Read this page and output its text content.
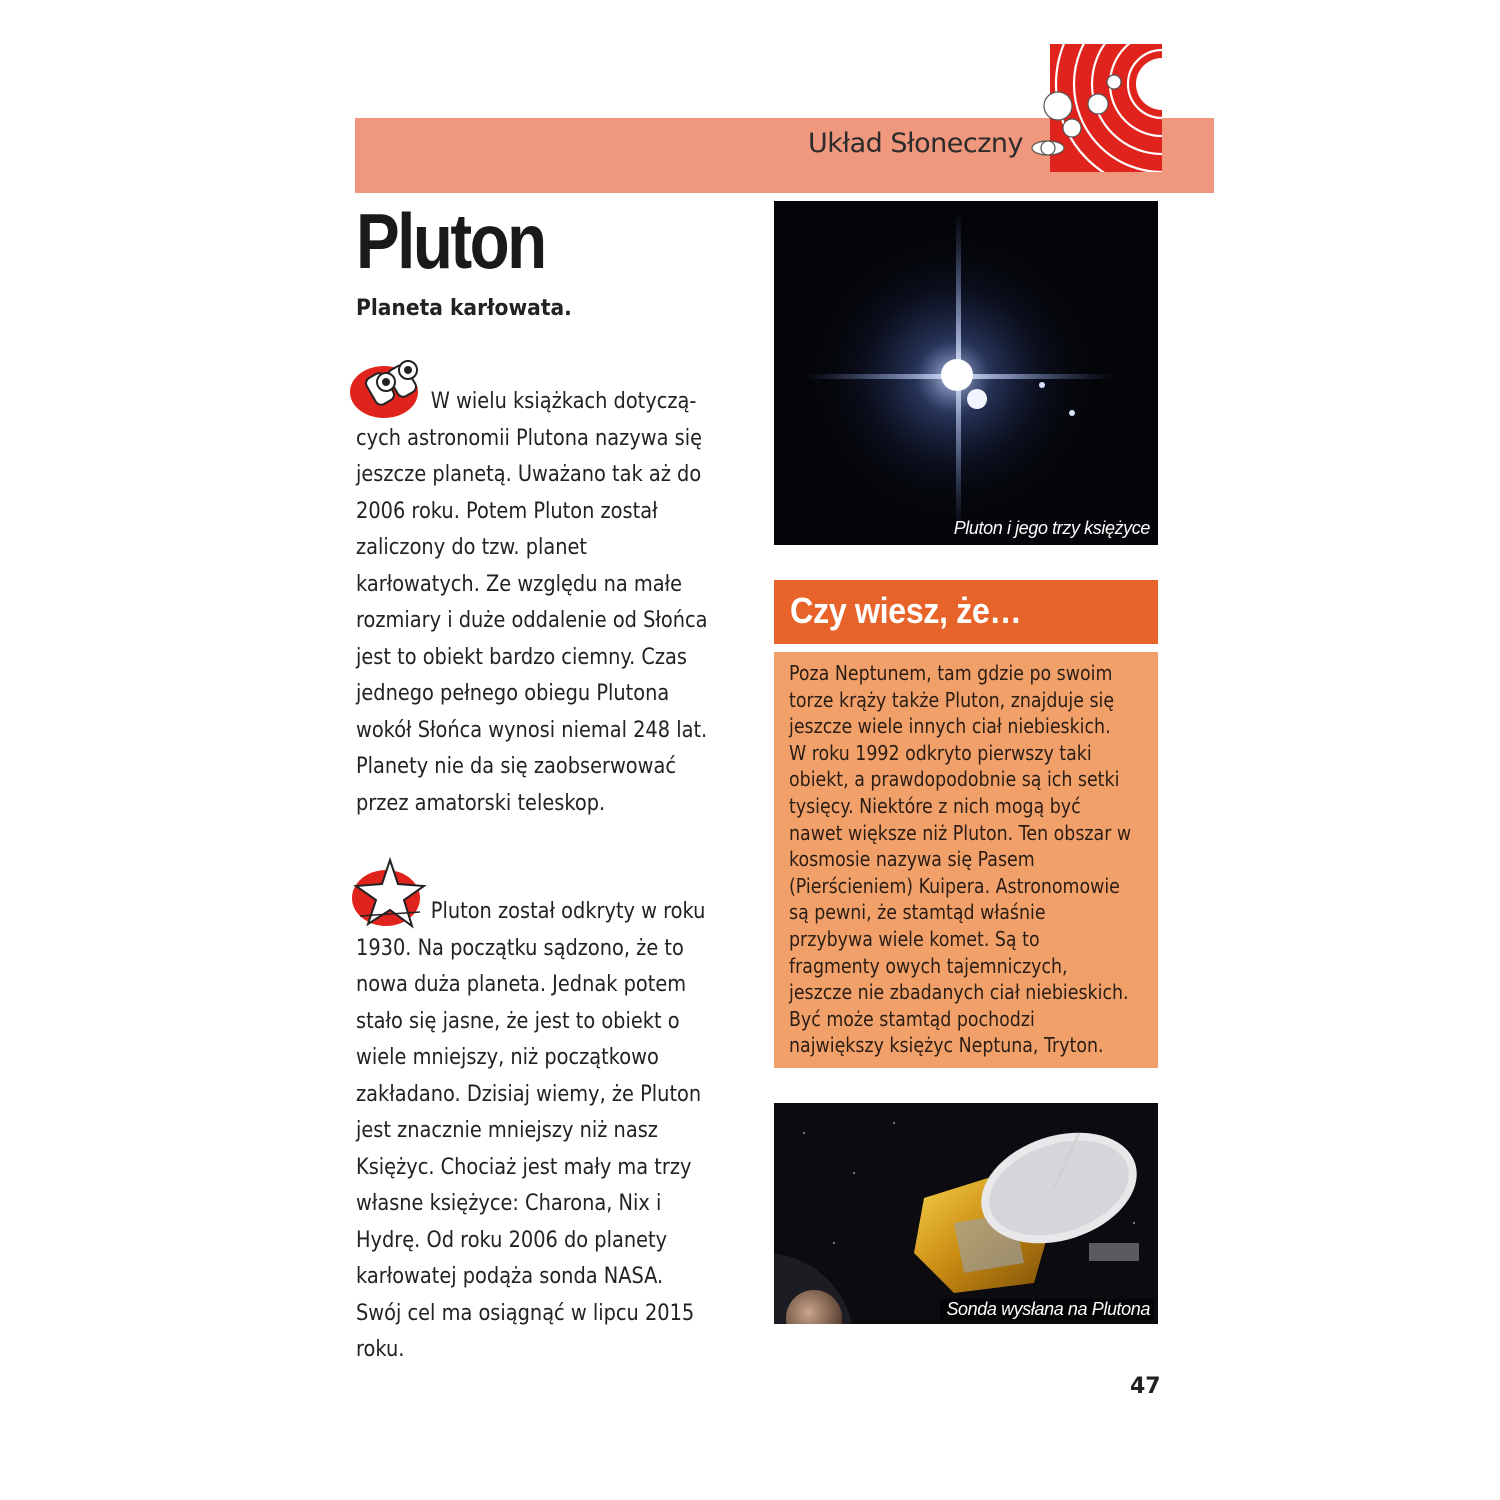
Układ Słoneczny
Pluton
Planeta karłowata.
W wielu książkach dotyczą-
cych astronomii Plutona nazywa się jeszcze planetą. Uważano tak aż do 2006 roku. Potem Pluton został zaliczony do tzw. planet karłowatych. Ze względu na małe rozmiary i duże oddalenie od Słońca jest to obiekt bardzo ciemny. Czas jednego pełnego obiegu Plutona wokół Słońca wynosi niemal 248 lat. Planety nie da się zaobserwować przez amatorski teleskop.
Pluton został odkryty w roku
1930. Na początku sądzono, że to nowa duża planeta. Jednak potem stało się jasne, że jest to obiekt o wiele mniejszy, niż początkowo zakładano. Dzisiaj wiemy, że Pluton jest znacznie mniejszy niż nasz Księżyc. Chociaż jest mały ma trzy własne księżyce: Charona, Nix i Hydrę. Od roku 2006 do planety karłowatej podąża sonda NASA. Swój cel ma osiągnąć w lipcu 2015 roku.
Pluton i jego trzy księżyce
Czy wiesz, że…

Poza Neptunem, tam gdzie po swoim torze krąży także Pluton, znajduje się jeszcze wiele innych ciał niebieskich. W roku 1992 odkryto pierwszy taki obiekt, a prawdopodobnie są ich setki tysięcy. Niektóre z nich mogą być nawet większe niż Pluton. Ten obszar w kosmosie nazywa się Pasem (Pierścieniem) Kuipera. Astronomowie są pewni, że stamtąd właśnie przybywa wiele komet. Są to fragmenty owych tajemniczych, jeszcze nie zbadanych ciał niebieskich. Być może stamtąd pochodzi największy księżyc Neptuna, Tryton.

Sonda wysłana na Plutona
47
